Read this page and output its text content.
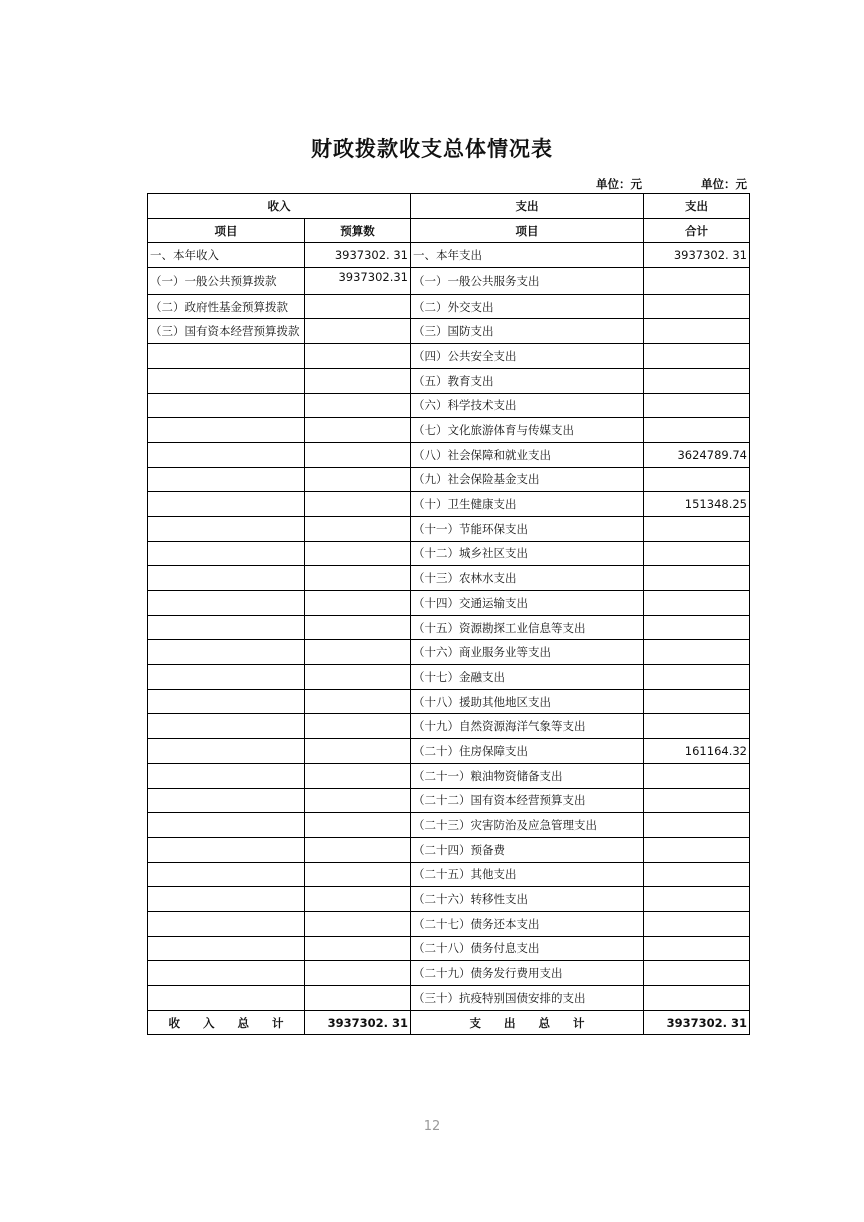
财政拨款收支总体情况表
单位：元	单位：元
收入		支出	支出
项目	预算数	项目	合计
一、本年收入	3937302. 31	一、本年支出	3937302. 31
（一）一般公共预算拨款	3937302.31	（一）一般公共服务支出	
（二）政府性基金预算拨款		（二）外交支出	
（三）国有资本经营预算拨款		（三）国防支出	
		（四）公共安全支出	
		（五）教育支出	
		（六）科学技术支出	
		（七）文化旅游体育与传媒支出	
		（八）社会保障和就业支出	3624789.74
		（九）社会保险基金支出	
		（十）卫生健康支出	151348.25
		（十一）节能环保支出	
		（十二）城乡社区支出	
		（十三）农林水支出	
		（十四）交通运输支出	
		（十五）资源勘探工业信息等支出	
		（十六）商业服务业等支出	
		（十七）金融支出	
		（十八）援助其他地区支出	
		（十九）自然资源海洋气象等支出	
		（二十）住房保障支出	161164.32
		（二十一）粮油物资储备支出	
		（二十二）国有资本经营预算支出	
		（二十三）灾害防治及应急管理支出	
		（二十四）预备费	
		（二十五）其他支出	
		（二十六）转移性支出	
		（二十七）债务还本支出	
		（二十八）债务付息支出	
		（二十九）债务发行费用支出	
		（三十）抗疫特别国债安排的支出	
收　　入　　总　　计	3937302. 31	支　　出　　总　　计	3937302. 31
12
